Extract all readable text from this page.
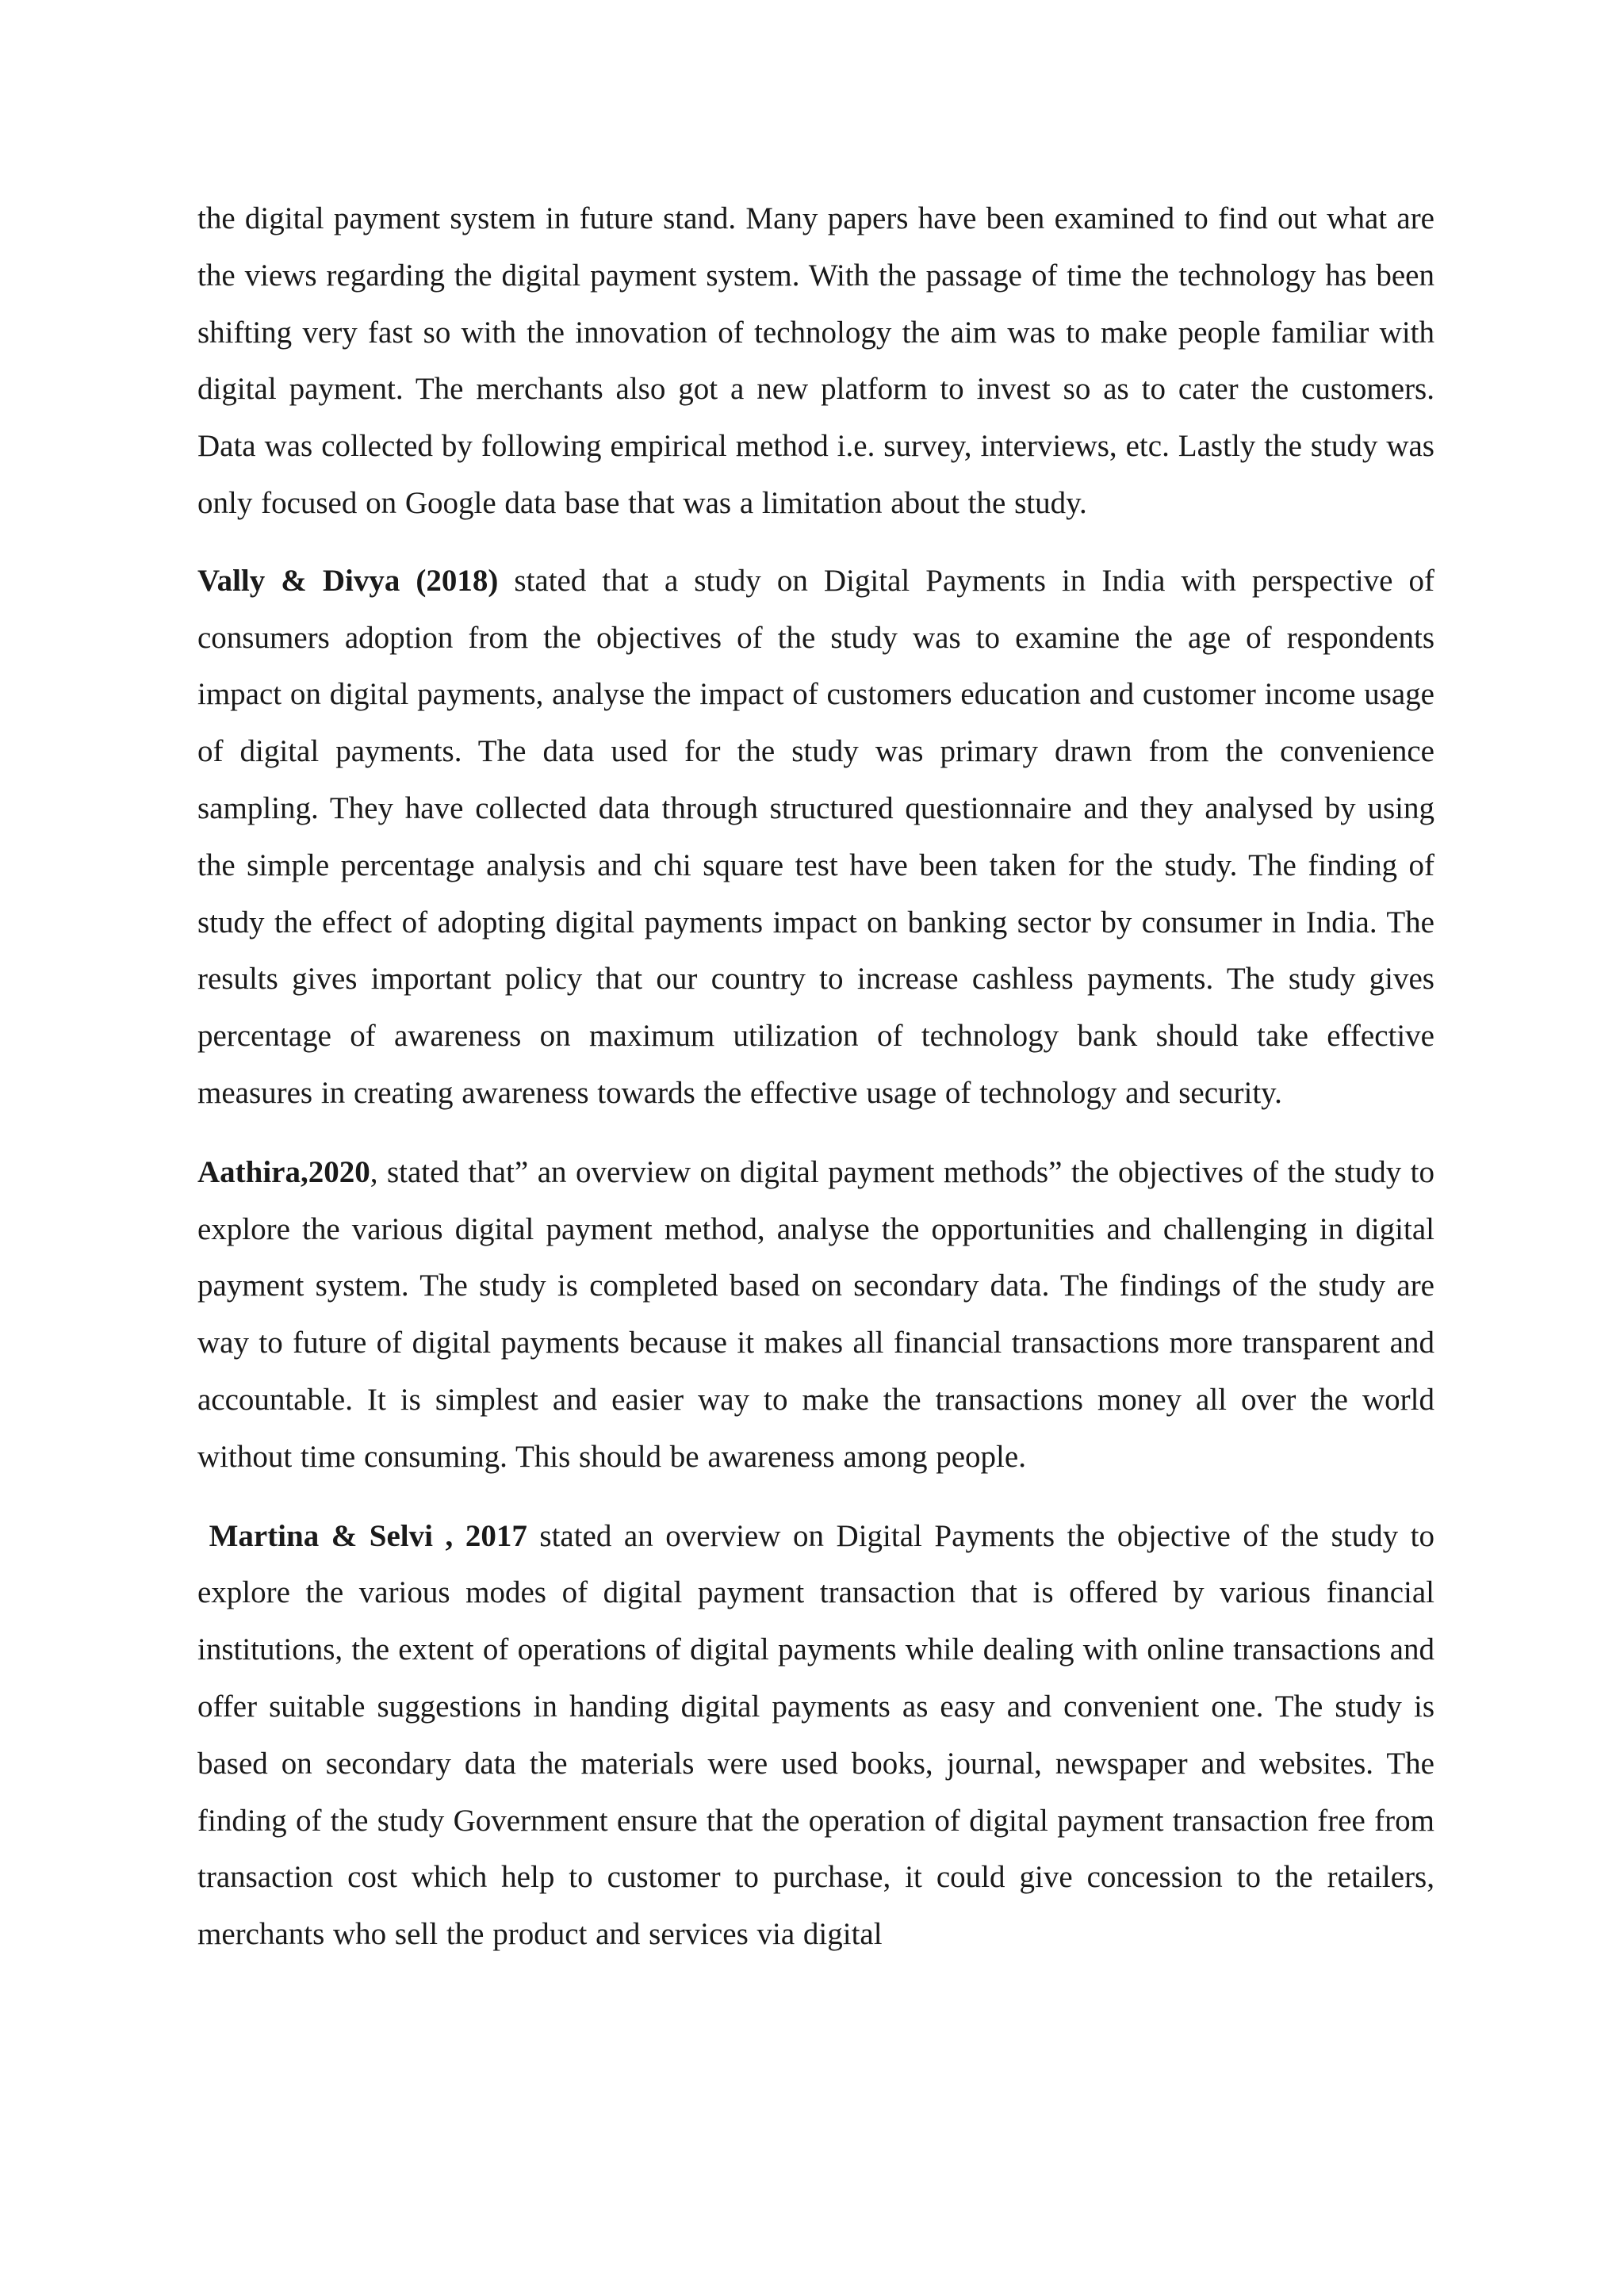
the digital payment system in future stand. Many papers have been examined to find out what are the views regarding the digital payment system. With the passage of time the technology has been shifting very fast so with the innovation of technology the aim was to make people familiar with digital payment. The merchants also got a new platform to invest so as to cater the customers. Data was collected by following empirical method i.e. survey, interviews, etc. Lastly the study was only focused on Google data base that was a limitation about the study.

Vally & Divya (2018) stated that a study on Digital Payments in India with perspective of consumers adoption from the objectives of the study was to examine the age of respondents impact on digital payments, analyse the impact of customers education and customer income usage of digital payments. The data used for the study was primary drawn from the convenience sampling. They have collected data through structured questionnaire and they analysed by using the simple percentage analysis and chi square test have been taken for the study. The finding of study the effect of adopting digital payments impact on banking sector by consumer in India. The results gives important policy that our country to increase cashless payments. The study gives percentage of awareness on maximum utilization of technology bank should take effective measures in creating awareness towards the effective usage of technology and security.

Aathira,2020, stated that” an overview on digital payment methods” the objectives of the study to explore the various digital payment method, analyse the opportunities and challenging in digital payment system. The study is completed based on secondary data. The findings of the study are way to future of digital payments because it makes all financial transactions more transparent and accountable. It is simplest and easier way to make the transactions money all over the world without time consuming. This should be awareness among people.

Martina & Selvi , 2017 stated an overview on Digital Payments the objective of the study to explore the various modes of digital payment transaction that is offered by various financial institutions, the extent of operations of digital payments while dealing with online transactions and offer suitable suggestions in handing digital payments as easy and convenient one. The study is based on secondary data the materials were used books, journal, newspaper and websites. The finding of the study Government ensure that the operation of digital payment transaction free from transaction cost which help to customer to purchase, it could give concession to the retailers, merchants who sell the product and services via digital
